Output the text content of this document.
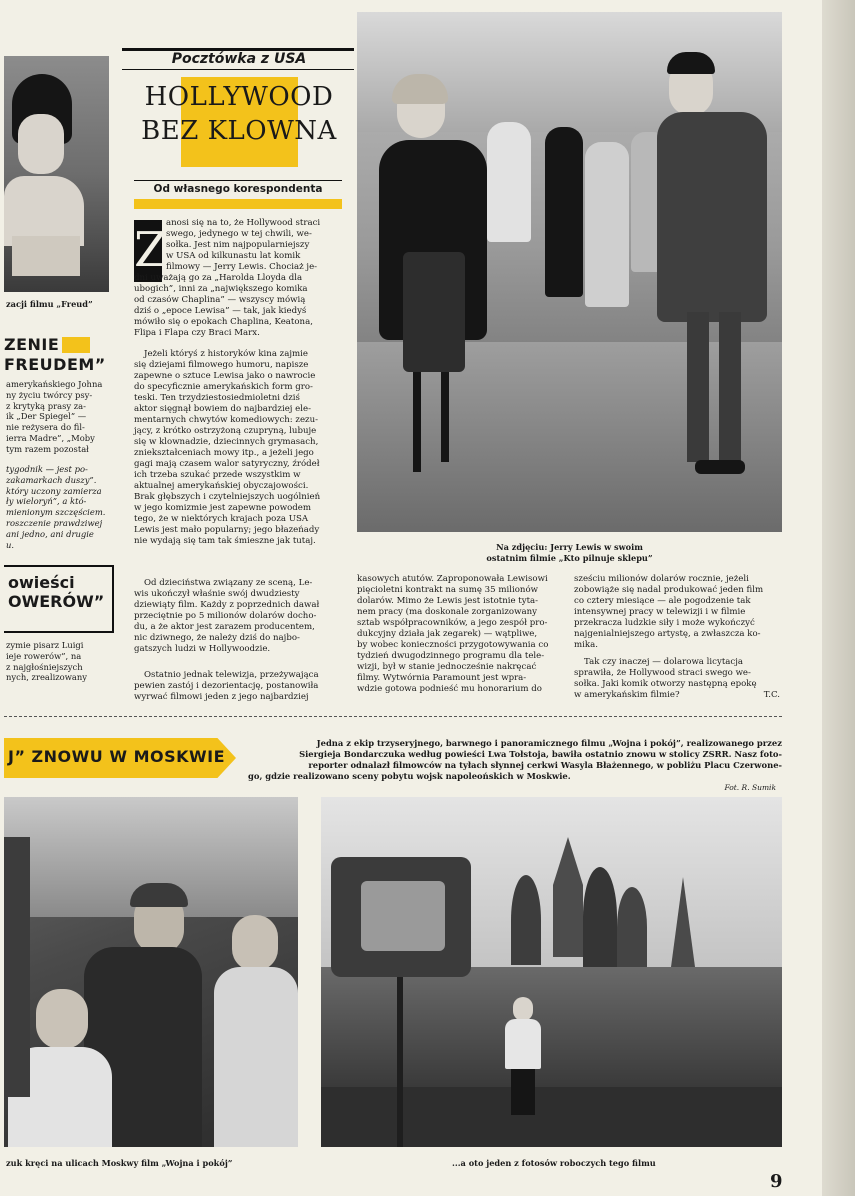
zacji filmu „Freud”
ZENIE
FREUDEM”
amerykańskiego Johna
ny życiu twórcy psy-
z krytyką prasy za-
ik „Der Spiegel” —
nie reżysera do fil-
ierra Madre”, „Moby
tym razem pozostał
tygodnik — jest po-
zakamarkach duszy”.
który uczony zamierza
ły wieloryń”, a któ-
mienionym szczęściem.
roszczenie prawdziwej
ani jedno, ani drugie
u.
owieści
OWERÓW”
zymie pisarz Luigi
ieje rowerów”, na
z najgłośniejszych
nych, zrealizowany
Pocztówka z USA
HOLLYWOOD
BEZ KLOWNA
Od własnego korespondenta
Z
anosi się na to, że Hollywood straci
swego, jedynego w tej chwili, we-
sołka. Jest nim najpopularniejszy
w USA od kilkunastu lat komik
filmowy — Jerry Lewis. Chociaż je-
dni uważają go za „Harolda Lloyda dla
ubogich”, inni za „największego komika
od czasów Chaplina” — wszyscy mówią
dziś o „epoce Lewisa” — tak, jak kiedyś
mówiło się o epokach Chaplina, Keatona,
Flipa i Flapa czy Braci Marx.
Jeżeli któryś z historyków kina zajmie
się dziejami filmowego humoru, napisze
zapewne o sztuce Lewisa jako o nawrocie
do specyficznie amerykańskich form gro-
teski. Ten trzydziestosiedmioletni dziś
aktor sięgnął bowiem do najbardziej ele-
mentarnych chwytów komediowych: zezu-
jący, z krótko ostrzyżoną czupryną, lubuje
się w klownadzie, dziecinnych grymasach,
zniekształceniach mowy itp., a jeżeli jego
gagi mają czasem walor satyryczny, źródeł
ich trzeba szukać przede wszystkim w
aktualnej amerykańskiej obyczajowości.
Brak głębszych i czytelniejszych uogólnień
w jego komizmie jest zapewne powodem
tego, że w niektórych krajach poza USA
Lewis jest mało popularny; jego błazeńady
nie wydają się tam tak śmieszne jak tutaj.
Od dzieciństwa związany ze sceną, Le-
wis ukończył właśnie swój dwudziesty
dziewiąty film. Każdy z poprzednich dawał
przeciętnie po 5 milionów dolarów docho-
du, a że aktor jest zarazem producentem,
nic dziwnego, że należy dziś do najbo-
gatszych ludzi w Hollywoodzie.
Ostatnio jednak telewizja, przeżywająca
pewien zastój i dezorientację, postanowiła
wyrwać filmowi jeden z jego najbardziej
Na zdjęciu: Jerry Lewis w swoim
ostatnim filmie „Kto pilnuje sklepu”
kasowych atutów. Zaproponowała Lewisowi
pięcioletni kontrakt na sumę 35 milionów
dolarów. Mimo że Lewis jest istotnie tyta-
nem pracy (ma doskonale zorganizowany
sztab współpracowników, a jego zespół pro-
dukcyjny działa jak zegarek) — wątpliwe,
by wobec konieczności przygotowywania co
tydzień dwugodzinnego programu dla tele-
wizji, był w stanie jednocześnie nakręcać
filmy. Wytwórnia Paramount jest wpra-
wdzie gotowa podnieść mu honorarium do
sześciu milionów dolarów rocznie, jeżeli
zobowiąże się nadal produkować jeden film
co cztery miesiące — ale pogodzenie tak
intensywnej pracy w telewizji i w filmie
przekracza ludzkie siły i może wykończyć
najgenialniejszego artystę, a zwłaszcza ko-
mika.
Tak czy inaczej — dolarowa licytacja
sprawiła, że Hollywood straci swego we-
sołka. Jaki komik otworzy następną epokę
w amerykańskim filmie?	T.C.
J” ZNOWU W MOSKWIE
Jedna z ekip trzyseryjnego, barwnego i panoramicznego filmu „Wojna i pokój”, realizowanego przez
Siergieja Bondarczuka według powieści Lwa Tołstoja, bawiła ostatnio znowu w stolicy ZSRR. Nasz foto-
reporter odnalazł filmowców na tyłach słynnej cerkwi Wasyla Błażennego, w pobliżu Placu Czerwone-
go, gdzie realizowano sceny pobytu wojsk napoleońskich w Moskwie.
Fot. R. Sumik
zuk kręci na ulicach Moskwy film „Wojna i pokój”	...a oto jeden z fotosów roboczych tego filmu
9
